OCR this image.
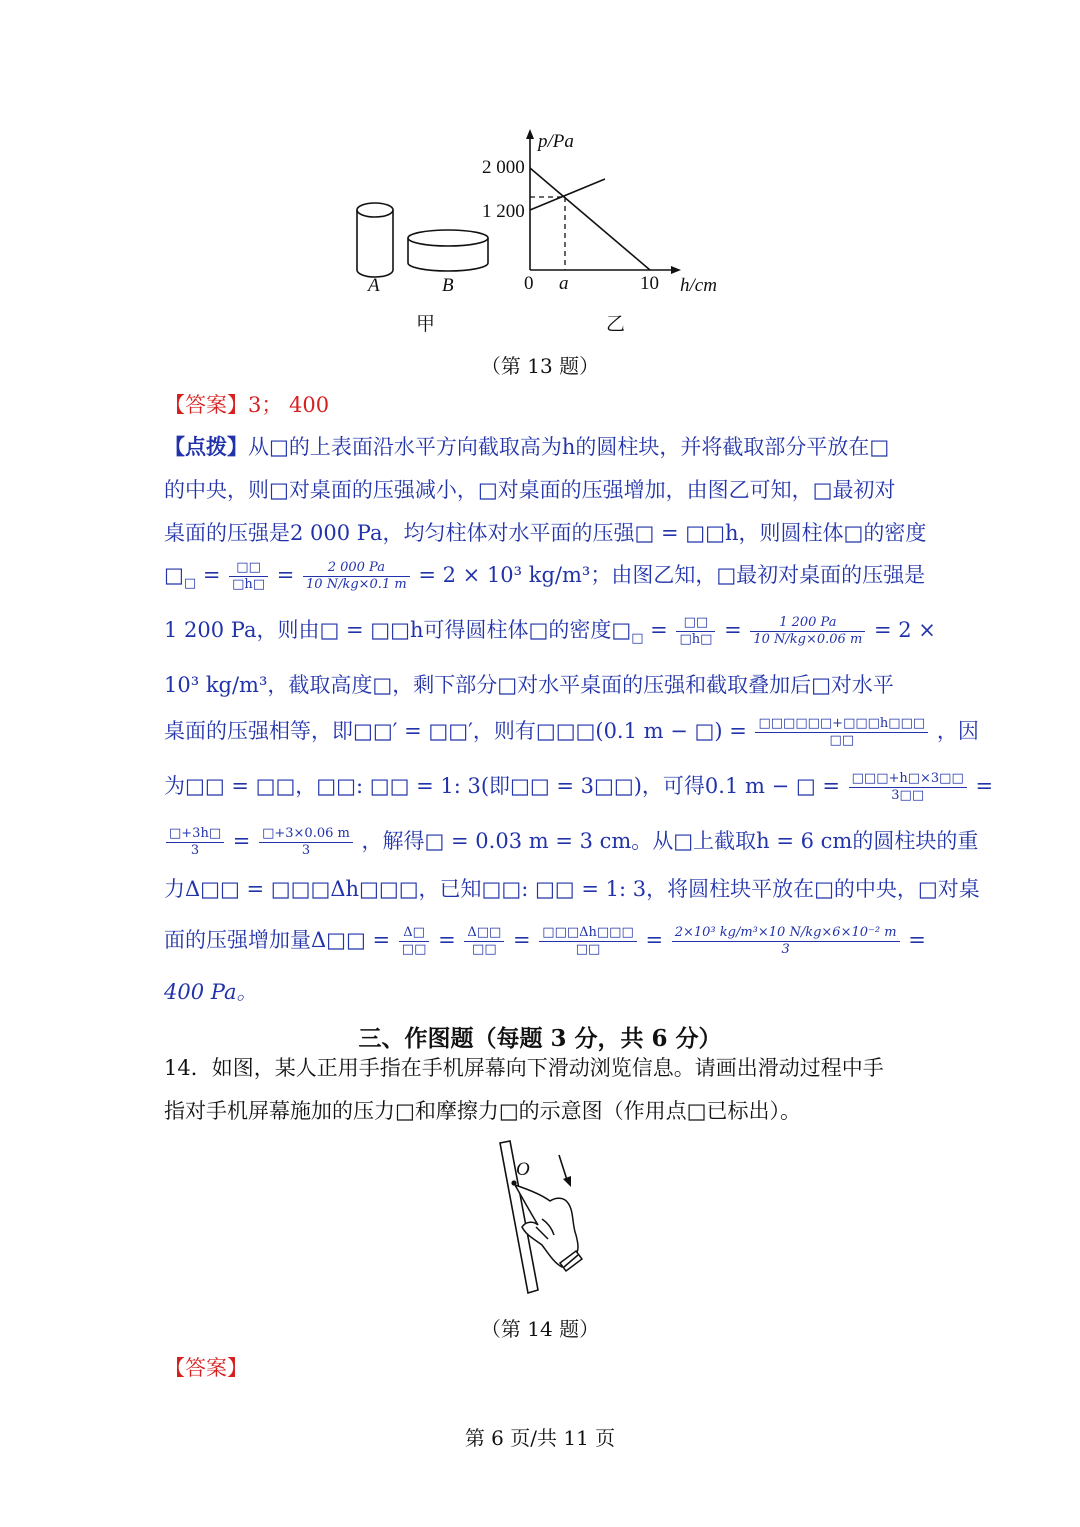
A	B
甲
p/Pa
2 000
1 200
0 a	10 h/cm
乙
（第 13 题）
【答案】3； 400
【点拨】从□的上表面沿水平方向截取高为h的圆柱块，并将截取部分平放在□
的中央，则□对桌面的压强减小，□对桌面的压强增加，由图乙可知，□最初对
桌面的压强是2 000 Pa，均匀柱体对水平面的压强□ = □□h，则圆柱体□的密度
$□_□ = \frac{□□}{□h□} = \frac{2 000 Pa}{10 N/kg\times 0.1 m} = 2 \times 10^3$ kg/m³；由图乙知，□最初对桌面的压强是
1 200 Pa，则由□ = □□h可得圆柱体□的密度$□_□ = \frac{□□}{□h□} = \frac{1 200 Pa}{10 N/kg\times 0.06 m} = 2$ ×
10³ kg/m³，截取高度□，剩下部分□对水平桌面的压强和截取叠加后□对水平
桌面的压强相等，即□□′ = □□′，则有□□□(0.1 m − □) = $\frac{□□□□□□+□□□h□□□}{□□}$ ，因
为□□ = □□，□□: □□ = 1: 3(即□□ = 3□□)，可得0.1 m − □ = $\frac{□□□+h□\times 3□□}{3□□}$ =
$\frac{□+3h□}{3} = \frac{□+3\times 0.06 m}{3}$ ，解得□ = 0.03 m = 3 cm。从□上截取h = 6 cm的圆柱块的重
力Δ□□ = □□□Δh□□□，已知□□: □□ = 1: 3，将圆柱块平放在□的中央，□对桌
面的压强增加量Δ□□ = $\frac{\Delta□}{□□} = \frac{\Delta□□}{□□} = \frac{□□□\Delta h□□□}{□□} = \frac{\text{2×10³ kg/m³×10 N/kg×6×10⁻² m}}{3}$ =
400 Pa。
三、作图题（每题 3 分，共 6 分）
14．如图，某人正用手指在手机屏幕向下滑动浏览信息。请画出滑动过程中手
指对手机屏幕施加的压力□和摩擦力□的示意图（作用点□已标出）。
O
（第 14 题）
【答案】
第 6 页/共 11 页
